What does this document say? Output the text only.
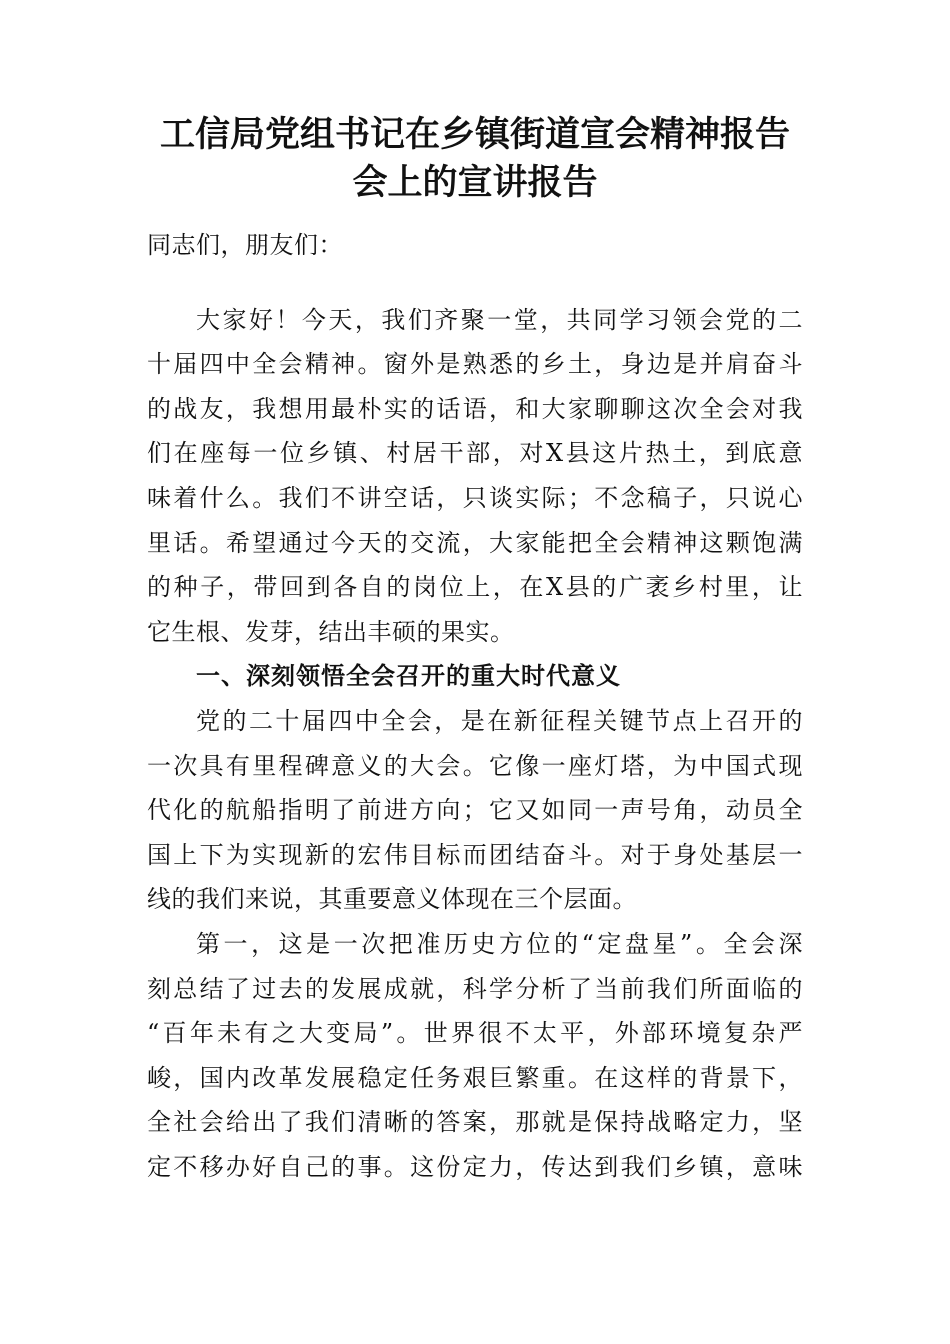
工信局党组书记在乡镇街道宣会精神报告
会上的宣讲报告
同志们，朋友们：
大家好！今天，我们齐聚一堂，共同学习领会党的二
十届四中全会精神。窗外是熟悉的乡土，身边是并肩奋斗
的战友，我想用最朴实的话语，和大家聊聊这次全会对我
们在座每一位乡镇、村居干部，对X县这片热土，到底意
味着什么。我们不讲空话，只谈实际；不念稿子，只说心
里话。希望通过今天的交流，大家能把全会精神这颗饱满
的种子，带回到各自的岗位上，在X县的广袤乡村里，让
它生根、发芽，结出丰硕的果实。
一、深刻领悟全会召开的重大时代意义
党的二十届四中全会，是在新征程关键节点上召开的
一次具有里程碑意义的大会。它像一座灯塔，为中国式现
代化的航船指明了前进方向；它又如同一声号角，动员全
国上下为实现新的宏伟目标而团结奋斗。对于身处基层一
线的我们来说，其重要意义体现在三个层面。
第一，这是一次把准历史方位的“定盘星”。全会深
刻总结了过去的发展成就，科学分析了当前我们所面临的
“百年未有之大变局”。世界很不太平，外部环境复杂严
峻，国内改革发展稳定任务艰巨繁重。在这样的背景下，
全社会给出了我们清晰的答案，那就是保持战略定力，坚
定不移办好自己的事。这份定力，传达到我们乡镇，意味
